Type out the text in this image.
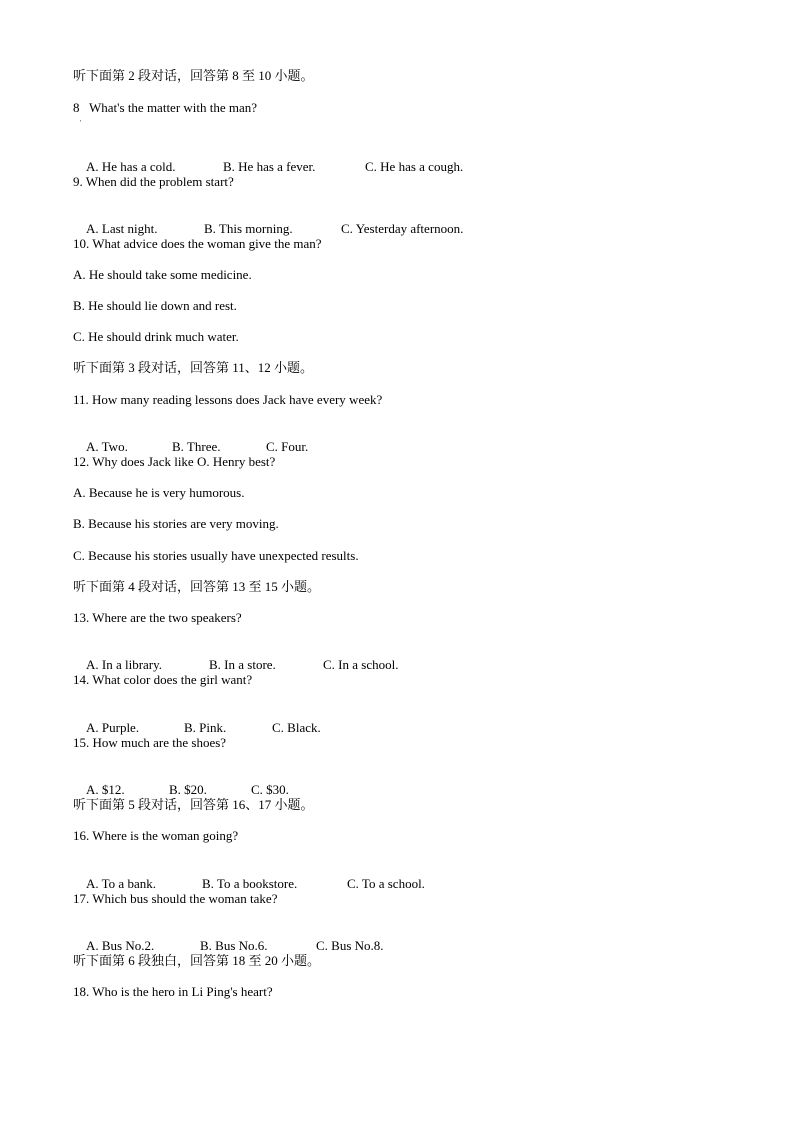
听下面第 2 段对话，回答第 8 至 10 小题。
8   What's the matter with the man?
'

A. He has a cold.	B. He has a fever.	C. He has a cough.

9. When did the problem start?

A. Last night.	B. This morning.	C. Yesterday afternoon.

10. What advice does the woman give the man?
A. He should take some medicine.
B. He should lie down and rest.
C. He should drink much water.
听下面第 3 段对话，回答第 11、12 小题。
11. How many reading lessons does Jack have every week?

A. Two.	B. Three.	C. Four.

12. Why does Jack like O. Henry best?
A. Because he is very humorous.
B. Because his stories are very moving.
C. Because his stories usually have unexpected results.
听下面第 4 段对话，回答第 13 至 15 小题。
13. Where are the two speakers?

A. In a library.	B. In a store.	C. In a school.

14. What color does the girl want?

A. Purple.	B. Pink.	C. Black.

15. How much are the shoes?

A. $12.	B. $20.	C. $30.

听下面第 5 段对话，回答第 16、17 小题。
16. Where is the woman going?

A. To a bank.	B. To a bookstore.	C. To a school.

17. Which bus should the woman take?

A. Bus No.2.	B. Bus No.6.	C. Bus No.8.

听下面第 6 段独白，回答第 18 至 20 小题。
18. Who is the hero in Li Ping's heart?
